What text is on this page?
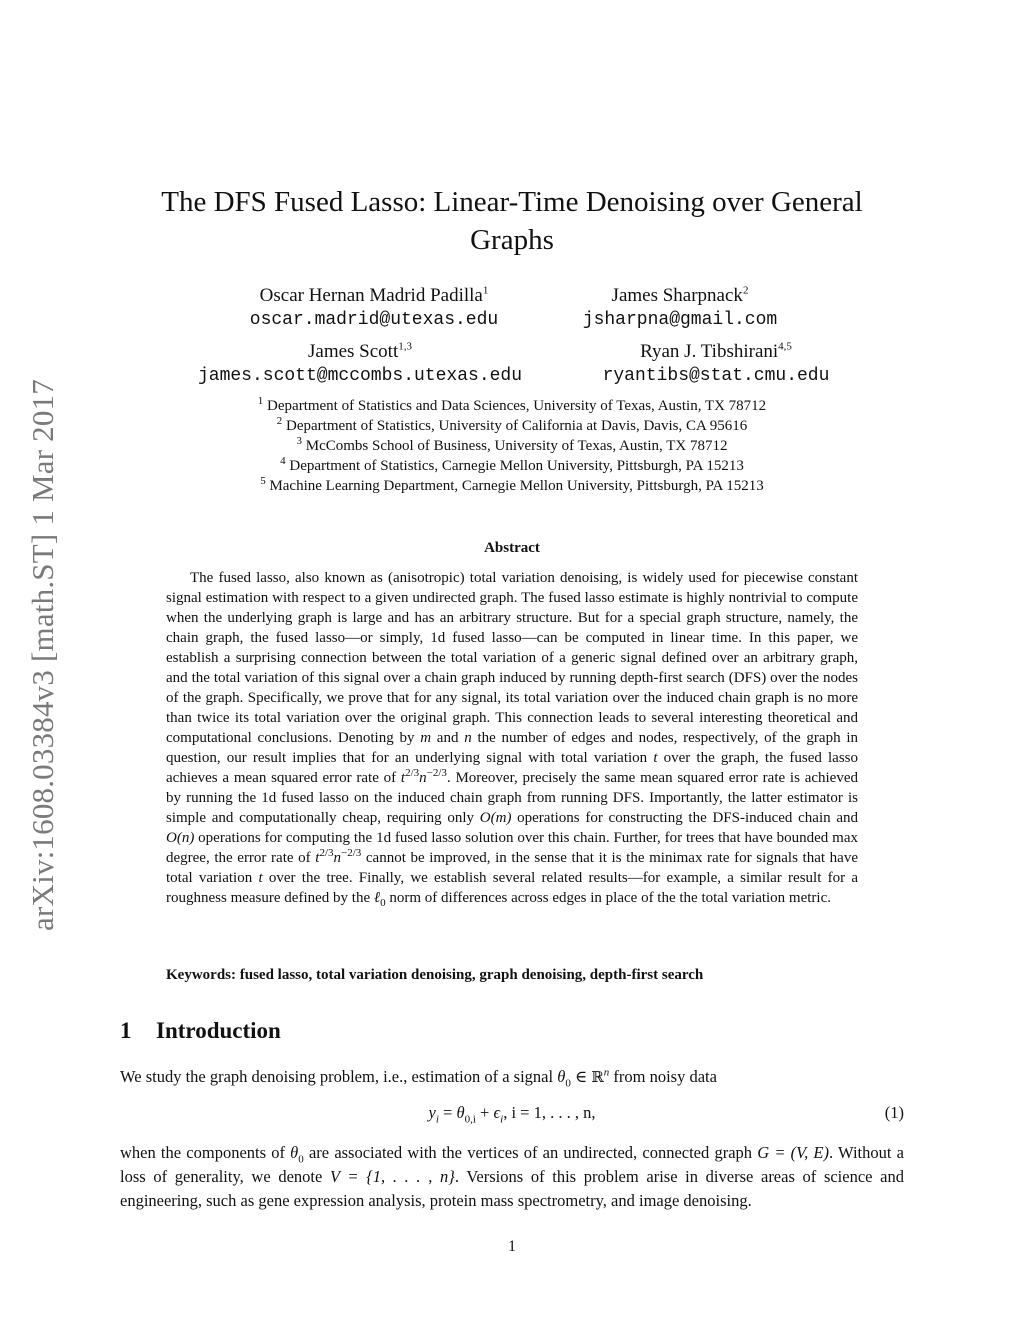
arXiv:1608.03384v3 [math.ST] 1 Mar 2017
The DFS Fused Lasso: Linear-Time Denoising over General Graphs
Oscar Hernan Madrid Padilla$^1$
oscar.madrid@utexas.edu
James Sharpnack$^2$
jsharpna@gmail.com
James Scott$^{1,3}$
james.scott@mccombs.utexas.edu
Ryan J. Tibshirani$^{4,5}$
ryantibs@stat.cmu.edu
$^1$ Department of Statistics and Data Sciences, University of Texas, Austin, TX 78712
$^2$ Department of Statistics, University of California at Davis, Davis, CA 95616
$^3$ McCombs School of Business, University of Texas, Austin, TX 78712
$^4$ Department of Statistics, Carnegie Mellon University, Pittsburgh, PA 15213
$^5$ Machine Learning Department, Carnegie Mellon University, Pittsburgh, PA 15213
Abstract

The fused lasso, also known as (anisotropic) total variation denoising, is widely used for piecewise constant signal estimation with respect to a given undirected graph. The fused lasso estimate is highly nontrivial to compute when the underlying graph is large and has an arbitrary structure. But for a special graph structure, namely, the chain graph, the fused lasso—or simply, 1d fused lasso—can be computed in linear time. In this paper, we establish a surprising connection between the total variation of a generic signal defined over an arbitrary graph, and the total variation of this signal over a chain graph induced by running depth-first search (DFS) over the nodes of the graph. Specifically, we prove that for any signal, its total variation over the induced chain graph is no more than twice its total variation over the original graph. This connection leads to several interesting theoretical and computational conclusions. Denoting by m and n the number of edges and nodes, respectively, of the graph in question, our result implies that for an underlying signal with total variation t over the graph, the fused lasso achieves a mean squared error rate of $t^{2/3}n^{-2/3}$. Moreover, precisely the same mean squared error rate is achieved by running the 1d fused lasso on the induced chain graph from running DFS. Importantly, the latter estimator is simple and computationally cheap, requiring only O(m) operations for constructing the DFS-induced chain and O(n) operations for computing the 1d fused lasso solution over this chain. Further, for trees that have bounded max degree, the error rate of $t^{2/3}n^{-2/3}$ cannot be improved, in the sense that it is the minimax rate for signals that have total variation t over the tree. Finally, we establish several related results—for example, a similar result for a roughness measure defined by the ℓ$_0$ norm of differences across edges in place of the the total variation metric.

Keywords: fused lasso, total variation denoising, graph denoising, depth-first search
1 Introduction

We study the graph denoising problem, i.e., estimation of a signal $\theta_0$ ∈ ℝ$^n$ from noisy data

$y_i = \theta_{0,i} + \epsilon_i$, i = 1, . . . , n,	(1)

when the components of $\theta_0$ are associated with the vertices of an undirected, connected graph G = (V, E). Without a loss of generality, we denote V = {1, . . . , n}. Versions of this problem arise in diverse areas of science and engineering, such as gene expression analysis, protein mass spectrometry, and image denoising.

1
